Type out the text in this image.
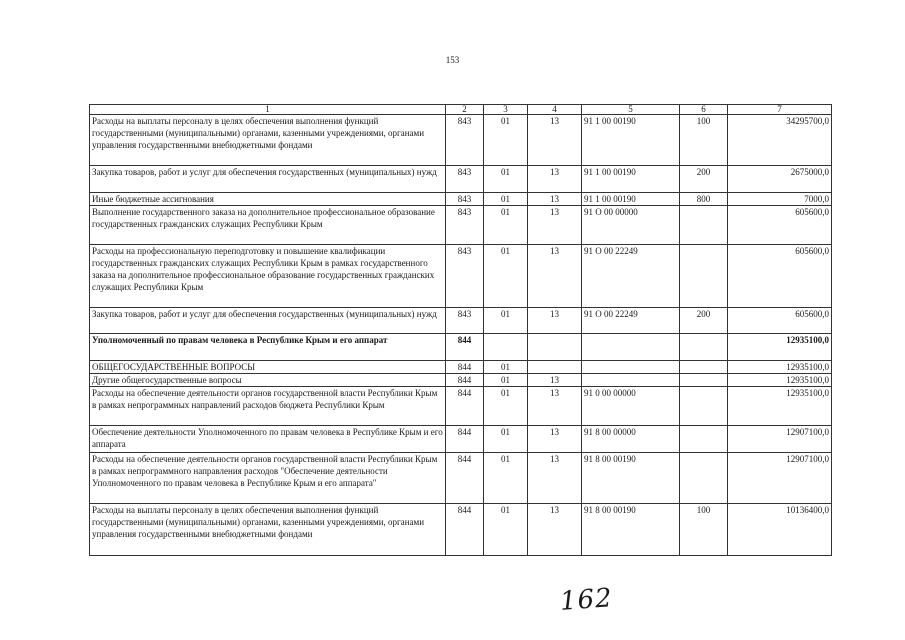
153
1	2	3	4	5	6	7
Расходы на выплаты персоналу в целях обеспечения выполнения функций государственными (муниципальными) органами, казенными учреждениями, органами управления государственными внебюджетными фондами	843	01	13	91 1 00 00190	100	34295700,0
Закупка товаров, работ и услуг для обеспечения государственных (муниципальных) нужд	843	01	13	91 1 00 00190	200	2675000,0
Иные бюджетные ассигнования	843	01	13	91 1 00 00190	800	7000,0
Выполнение государственного заказа на дополнительное профессиональное образование государственных гражданских служащих Республики Крым	843	01	13	91 О 00 00000		605600,0
Расходы на профессиональную переподготовку и повышение квалификации государственных гражданских служащих Республики Крым в рамках государственного заказа на дополнительное профессиональное образование государственных гражданских служащих Республики Крым	843	01	13	91 О 00 22249		605600,0
Закупка товаров, работ и услуг для обеспечения государственных (муниципальных) нужд	843	01	13	91 О 00 22249	200	605600,0
Уполномоченный по правам человека в Республике Крым и его аппарат	844					12935100,0
ОБЩЕГОСУДАРСТВЕННЫЕ ВОПРОСЫ	844	01				12935100,0
Другие общегосударственные вопросы	844	01	13			12935100,0
Расходы на обеспечение деятельности органов государственной власти Республики Крым в рамках непрограммных направлений расходов бюджета Республики Крым	844	01	13	91 0 00 00000		12935100,0
Обеспечение деятельности Уполномоченного по правам человека в Республике Крым и его аппарата	844	01	13	91 8 00 00000		12907100,0
Расходы на обеспечение деятельности органов государственной власти Республики Крым в рамках непрограммного направления расходов "Обеспечение деятельности Уполномоченного по правам человека в Республике Крым и его аппарата"	844	01	13	91 8 00 00190		12907100,0
Расходы на выплаты персоналу в целях обеспечения выполнения функций государственными (муниципальными) органами, казенными учреждениями, органами управления государственными внебюджетными фондами	844	01	13	91 8 00 00190	100	10136400,0
162
